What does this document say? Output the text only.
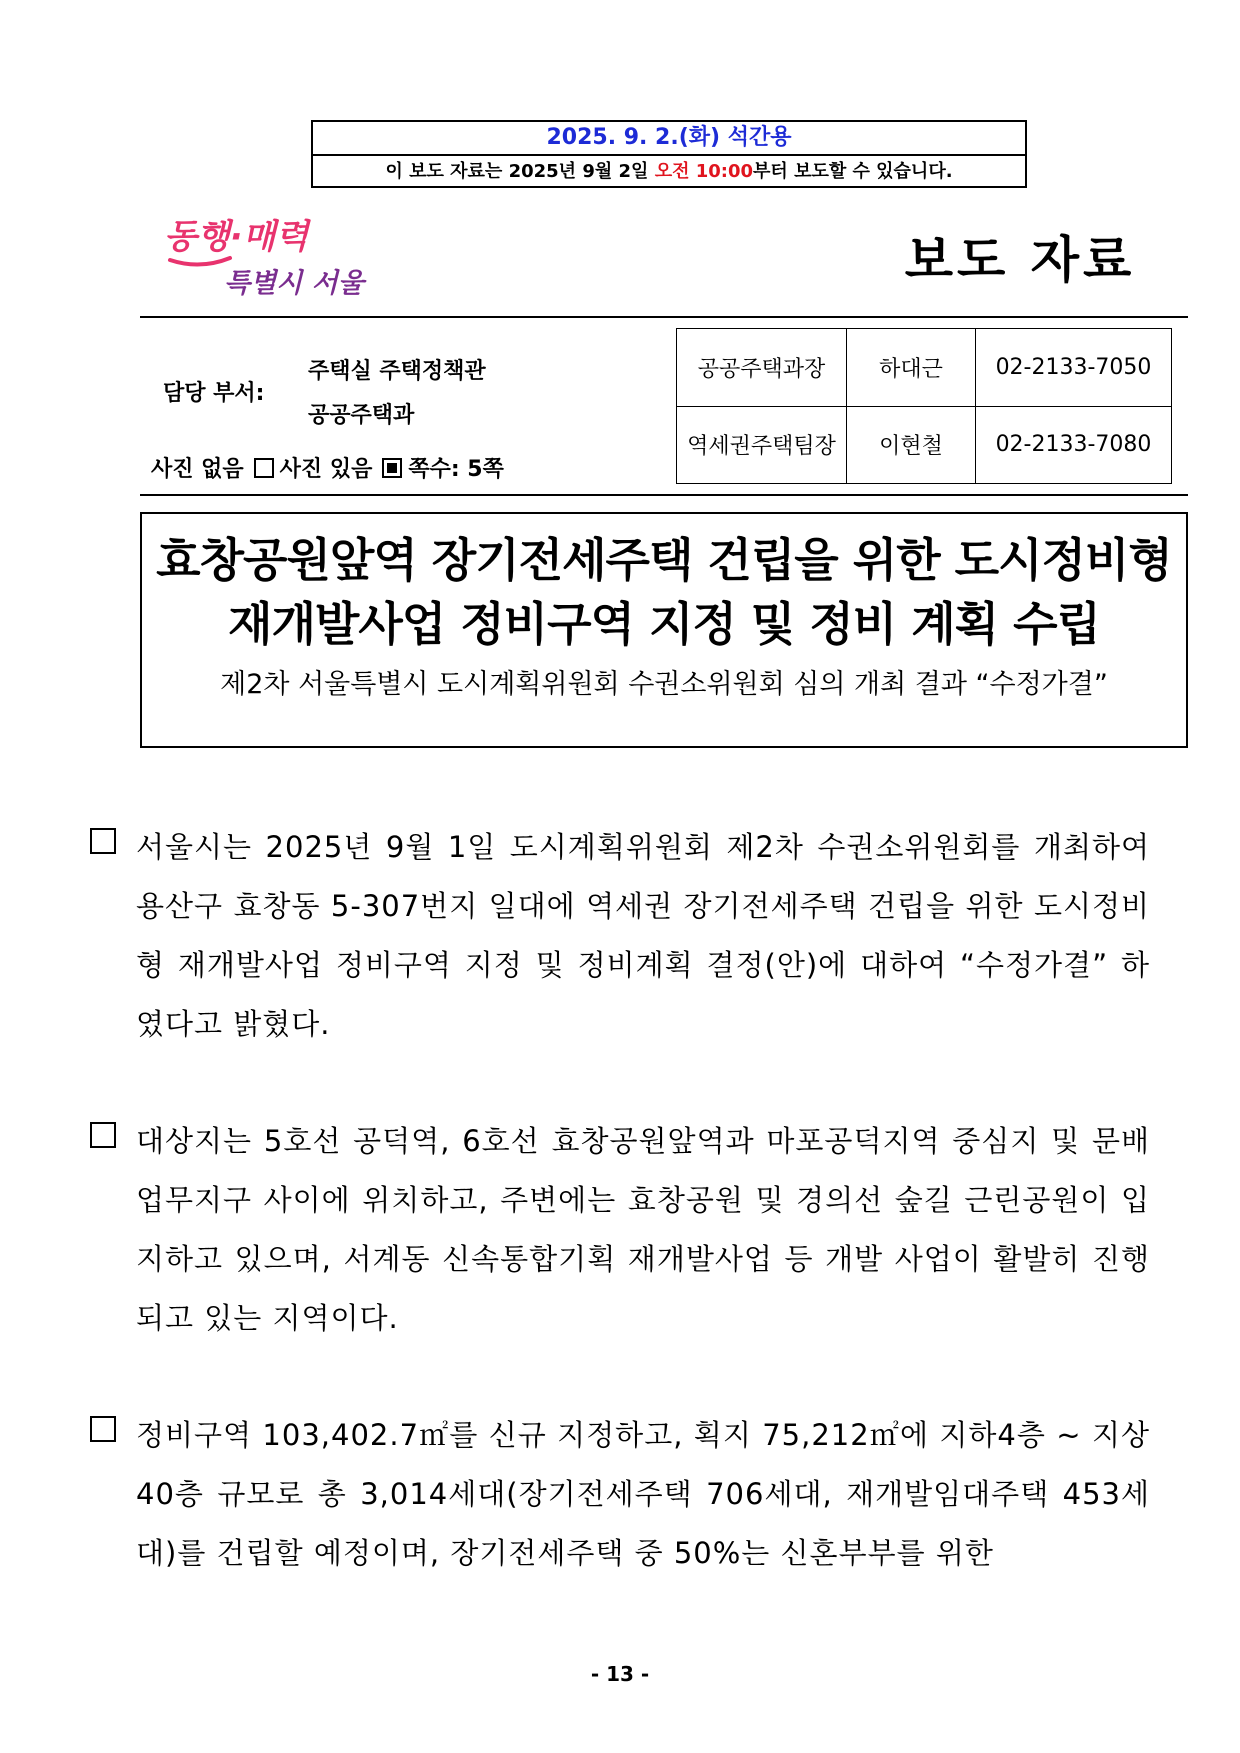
2025. 9. 2.(화) 석간용
이 보도 자료는 2025년 9월 2일 오전 10:00부터 보도할 수 있습니다.
동행·매력
특별시 서울	보도 자료
담당 부서:
주택실 주택정책관
공공주택과
사진 없음 사진 있음 쪽수: 5쪽
공공주택과장	하대근	02-2133-7050
역세권주택팀장	이현철	02-2133-7080
효창공원앞역 장기전세주택 건립을 위한 도시정비형
재개발사업 정비구역 지정 및 정비 계획 수립
제2차 서울특별시 도시계획위원회 수권소위원회 심의 개최 결과 “수정가결”
서울시는 2025년 9월 1일 도시계획위원회 제2차 수권소위원회를 개최하여 용산구 효창동 5-307번지 일대에 역세권 장기전세주택 건립을 위한 도시정비형 재개발사업 정비구역 지정 및 정비계획 결정(안)에 대하여 “수정가결” 하였다고 밝혔다.
대상지는 5호선 공덕역, 6호선 효창공원앞역과 마포공덕지역 중심지 및 문배업무지구 사이에 위치하고, 주변에는 효창공원 및 경의선 숲길 근린공원이 입지하고 있으며, 서계동 신속통합기획 재개발사업 등 개발 사업이 활발히 진행되고 있는 지역이다.
정비구역 103,402.7㎡를 신규 지정하고, 획지 75,212㎡에 지하4층 ~ 지상40층 규모로 총 3,014세대(장기전세주택 706세대, 재개발임대주택 453세대)를 건립할 예정이며, 장기전세주택 중 50%는 신혼부부를 위한
- 13 -
